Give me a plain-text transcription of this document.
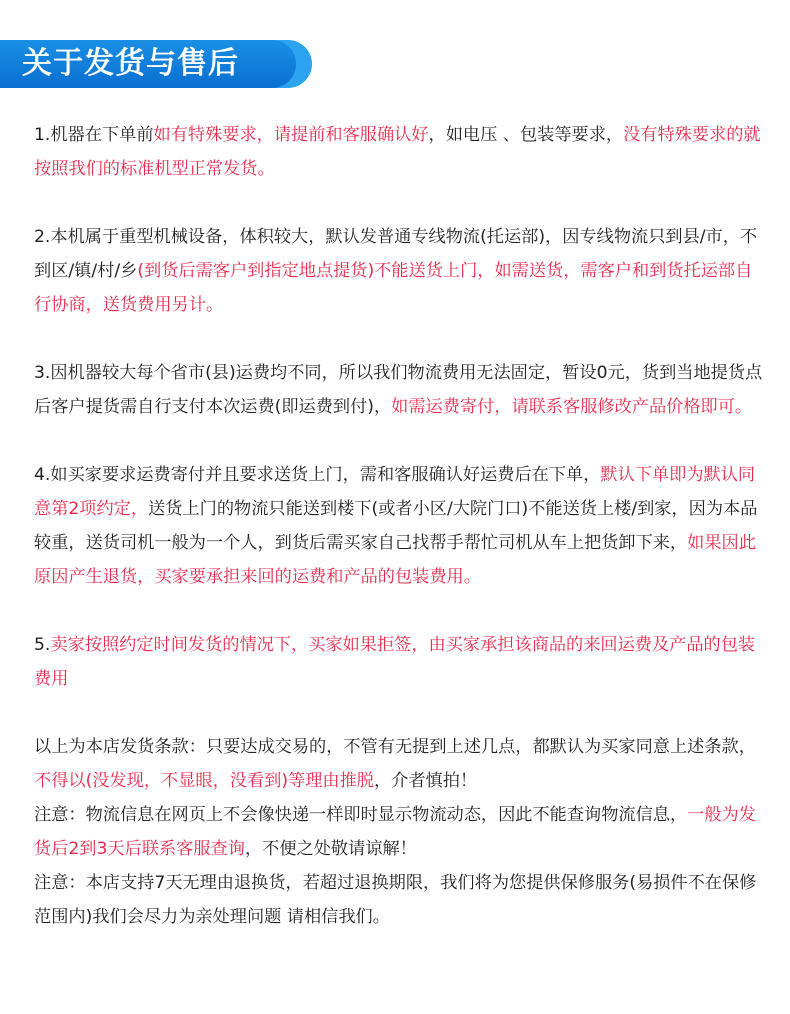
关于发货与售后

1.机器在下单前如有特殊要求，请提前和客服确认好，如电压 、包装等要求，没有特殊要求的就按照我们的标准机型正常发货。

2.本机属于重型机械设备，体积较大，默认发普通专线物流(托运部)，因专线物流只到县/市，不到区/镇/村/乡(到货后需客户到指定地点提货)不能送货上门，如需送货，需客户和到货托运部自行协商，送货费用另计。

3.因机器较大每个省市(县)运费均不同，所以我们物流费用无法固定，暂设0元，货到当地提货点后客户提货需自行支付本次运费(即运费到付)，如需运费寄付，请联系客服修改产品价格即可。

4.如买家要求运费寄付并且要求送货上门，需和客服确认好运费后在下单，默认下单即为默认同意第2项约定，送货上门的物流只能送到楼下(或者小区/大院门口)不能送货上楼/到家，因为本品较重，送货司机一般为一个人，到货后需买家自己找帮手帮忙司机从车上把货卸下来，如果因此原因产生退货，买家要承担来回的运费和产品的包装费用。

5.卖家按照约定时间发货的情况下，买家如果拒签，由买家承担该商品的来回运费及产品的包装费用

以上为本店发货条款：只要达成交易的，不管有无提到上述几点，都默认为买家同意上述条款，不得以(没发现，不显眼，没看到)等理由推脱，介者慎拍！

注意：物流信息在网页上不会像快递一样即时显示物流动态，因此不能查询物流信息，一般为发货后2到3天后联系客服查询，不便之处敬请谅解！

注意：本店支持7天无理由退换货，若超过退换期限，我们将为您提供保修服务(易损件不在保修范围内)我们会尽力为亲处理问题 请相信我们。
